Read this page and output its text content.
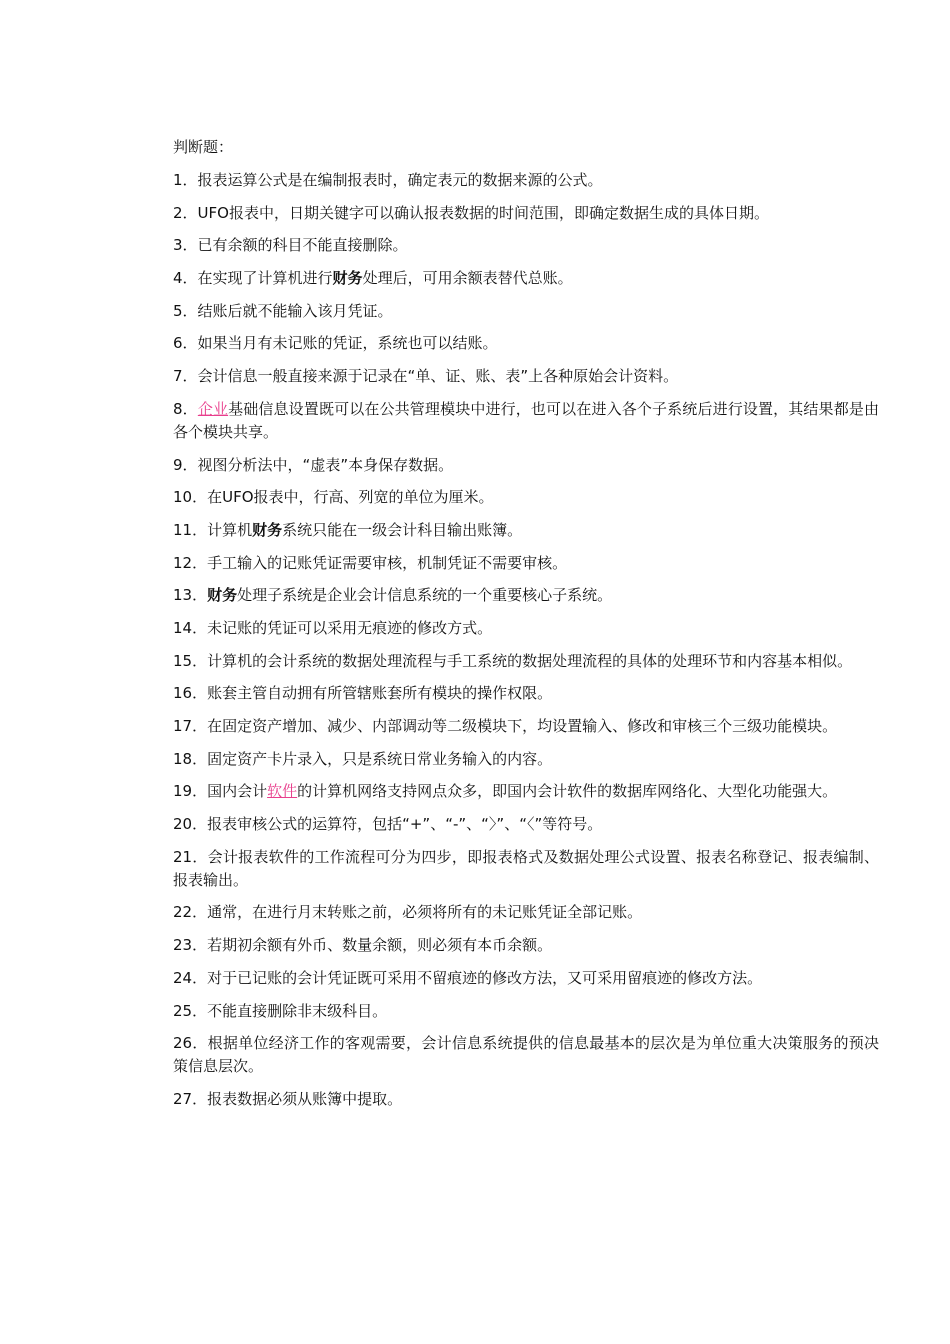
判断题：

1．报表运算公式是在编制报表时，确定表元的数据来源的公式。

2．UFO报表中，日期关键字可以确认报表数据的时间范围，即确定数据生成的具体日期。

3．已有余额的科目不能直接删除。

4．在实现了计算机进行财务处理后，可用余额表替代总账。

5．结账后就不能输入该月凭证。

6．如果当月有未记账的凭证，系统也可以结账。

7．会计信息一般直接来源于记录在“单、证、账、表”上各种原始会计资料。

8．企业基础信息设置既可以在公共管理模块中进行，也可以在进入各个子系统后进行设置，其结果都是由各个模块共享。

9．视图分析法中，“虚表”本身保存数据。

10．在UFO报表中，行高、列宽的单位为厘米。

11．计算机财务系统只能在一级会计科目输出账簿。

12．手工输入的记账凭证需要审核，机制凭证不需要审核。

13．财务处理子系统是企业会计信息系统的一个重要核心子系统。

14．未记账的凭证可以采用无痕迹的修改方式。

15．计算机的会计系统的数据处理流程与手工系统的数据处理流程的具体的处理环节和内容基本相似。

16．账套主管自动拥有所管辖账套所有模块的操作权限。

17．在固定资产增加、减少、内部调动等二级模块下，均设置输入、修改和审核三个三级功能模块。

18．固定资产卡片录入，只是系统日常业务输入的内容。

19．国内会计软件的计算机网络支持网点众多，即国内会计软件的数据库网络化、大型化功能强大。

20．报表审核公式的运算符，包括“+”、“-”、“〉”、“〈”等符号。

21．会计报表软件的工作流程可分为四步，即报表格式及数据处理公式设置、报表名称登记、报表编制、报表输出。

22．通常，在进行月末转账之前，必须将所有的未记账凭证全部记账。

23．若期初余额有外币、数量余额，则必须有本币余额。

24．对于已记账的会计凭证既可采用不留痕迹的修改方法，又可采用留痕迹的修改方法。

25．不能直接删除非末级科目。

26．根据单位经济工作的客观需要，会计信息系统提供的信息最基本的层次是为单位重大决策服务的预决策信息层次。

27．报表数据必须从账簿中提取。
